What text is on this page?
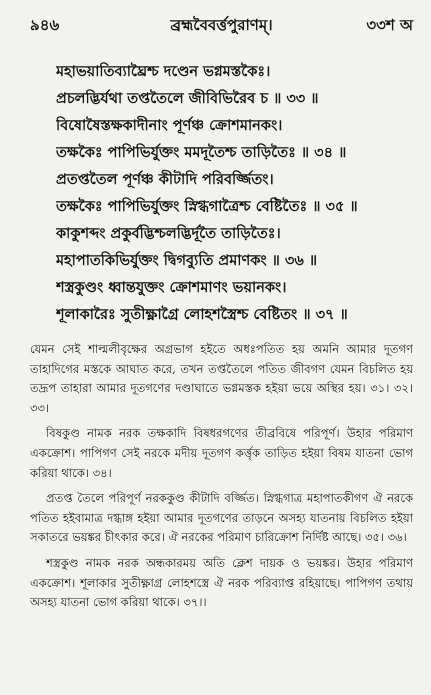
৯৪৬	ব্রহ্মবৈবর্ত্তপুরাণম্‌।	৩৩শ অ
মহাভয়াতিব্যাঘ্রৈশ্চ দণ্ডেন ভগ্নমস্তকৈঃ।
প্রচলদ্ভির্যথা তপ্ততৈলে জীবিভিরৈব চ ॥ ৩৩ ॥
বিষোষৈস্তক্ষকাদীনাং পূর্ণঞ্চ ক্রোশমানকং।
তক্ষকৈঃ পাপিভির্যুক্তং মমদূতৈশ্চ তাড়িতৈঃ ॥ ৩৪ ॥
প্রতপ্ততৈল পূর্ণঞ্চ কীটাদি পরিবর্জ্জিতং।
তক্ষকৈঃ পাপিভির্যুক্তং স্নিগ্ধগাত্রৈশ্চ বেষ্টিতৈঃ ॥ ৩৫ ॥
কাকুশব্দং প্রকুর্বদ্ভিশ্চলদ্ভির্দূতৈ তাড়িতৈঃ।
মহাপাতকিভির্যুক্তং দ্বিগব্যুতি প্রমাণকং ॥ ৩৬ ॥
শস্ত্রকুণ্ডং ধ্বান্তযুক্তং ক্রোশমাণং ভয়ানকং।
শূলাকারৈঃ সুতীক্ষ্ণাগ্রৈ লোহশস্ত্রৈশ্চ বেষ্টিতং ॥ ৩৭ ॥

যেমন সেই শাল্মলীবৃক্ষের অগ্রভাগ হইতে অধঃপতিত হয় অমনি আমার দূতগণ তাহাদিগের মস্তকে আঘাত করে, তখন তপ্ততৈলে পতিত জীবগণ যেমন বিচলিত হয় তদ্রূপ তাহারা আমার দূতগণের দণ্ডাঘাতে ভগ্নমস্তক হইয়া ভয়ে অস্থির হয়। ৩১। ৩২। ৩৩।

বিষকুণ্ড নামক নরক তক্ষকাদি বিষধরগণের তীব্রবিষে পরিপূর্ণ। উহার পরিমাণ একক্রোশ। পাপিগণ সেই নরকে মদীয় দূতগণ কর্ত্তৃক তাড়িত হইয়া বিষম যাতনা ভোগ করিয়া থাকে। ৩৪।

প্রতপ্ত তৈলে পরিপূর্ণ নরককুণ্ড কীটাদি বর্জ্জিত। স্নিগ্ধগাত্র মহাপাতকীগণ ঐ নরকে পতিত হইবামাত্র দগ্ধাঙ্গ হইয়া আমার দূতগণের তাড়নে অসহ্য যাতনায় বিচলিত হইয়া সকাতরে ভয়ঙ্কর চীৎকার করে। ঐ নরকের পরিমাণ চারিক্রোশ নির্দিষ্ট আছে। ৩৫। ৩৬।

শস্ত্রকুণ্ড নামক নরক অন্ধকারময় অতি ক্লেশ দায়ক ও ভয়ঙ্কর। উহার পরিমাণ একক্রোশ। শূলাকার সুতীক্ষ্ণাগ্র লোহশস্ত্রে ঐ নরক পরিব্যাপ্ত রহিয়াছে। পাপিগণ তথায় অসহ্য যাতনা ভোগ করিয়া থাকে। ৩৭।।
